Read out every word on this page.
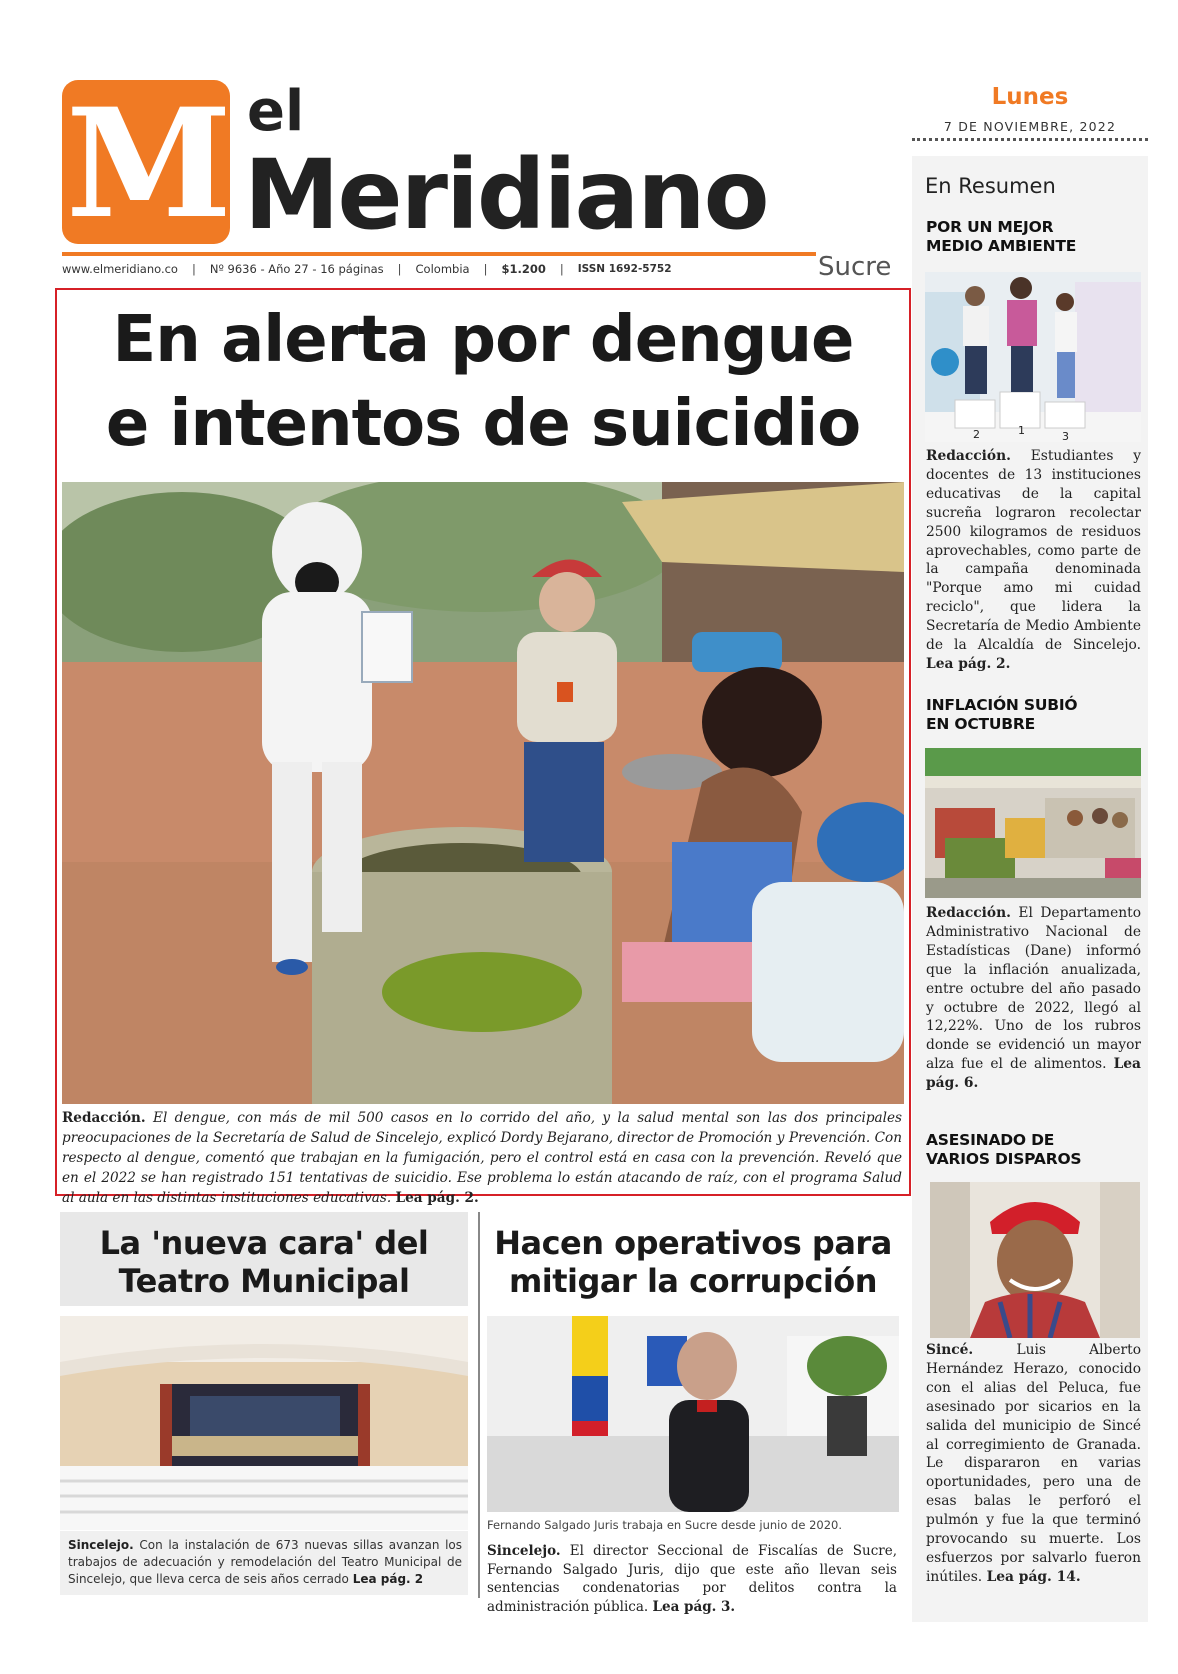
M el
Meridiano
www.elmeridiano.co | Nº 9636 - Año 27 - 16 páginas | Colombia | $1.200 | ISSN 1692-5752	Sucre
Lunes
7 DE NOVIEMBRE, 2022
En Resumen
POR UN MEJOR
MEDIO AMBIENTE
2	1	3
Redacción. Estudiantes y docentes de 13 instituciones educativas de la capital sucreña lograron recolectar 2500 kilogramos de residuos aprovechables, como parte de la campaña denominada "Porque amo mi cuidad reciclo", que lidera la Secretaría de Medio Ambiente de la Alcaldía de Sincelejo. Lea pág. 2.
INFLACIÓN SUBIÓ
EN OCTUBRE
Redacción. El Departamento Administrativo Nacional de Estadísticas (Dane) informó que la inflación anualizada, entre octubre del año pasado y octubre de 2022, llegó al 12,22%. Uno de los rubros donde se evidenció un mayor alza fue el de alimentos. Lea pág. 6.
ASESINADO DE
VARIOS DISPAROS
Sincé.	Luis Alberto Hernández Herazo, conocido con el alias del Peluca, fue asesinado por sicarios en la salida del municipio de Sincé al corregimiento de Granada. Le dispararon en varias oportunidades, pero una de esas balas le perforó el pulmón y fue la que terminó provocando su muerte. Los esfuerzos por salvarlo fueron inútiles. Lea pág. 14.
En alerta por dengue
e intentos de suicidio
Redacción. El dengue, con más de mil 500 casos en lo corrido del año, y la salud mental son las dos principales preocupaciones de la Secretaría de Salud de Sincelejo, explicó Dordy Bejarano, director de Promoción y Prevención. Con respecto al dengue, comentó que trabajan en la fumigación, pero el control está en casa con la prevención. Reveló que en el 2022 se han registrado 151 tentativas de suicidio. Ese problema lo están atacando de raíz, con el programa Salud al aula en las distintas instituciones educativas. Lea pág. 2.
La 'nueva cara' del
Teatro Municipal
Sincelejo. Con la instalación de 673 nuevas sillas avanzan los trabajos de adecuación y remodelación del Teatro Municipal de Sincelejo, que lleva cerca de seis años cerrado Lea pág. 2
Hacen operativos para
mitigar la corrupción
Fernando Salgado Juris trabaja en Sucre desde junio de 2020.
Sincelejo. El director Seccional de Fiscalías de Sucre, Fernando Salgado Juris, dijo que este año llevan seis sentencias condenatorias por delitos contra la administración pública. Lea pág. 3.
